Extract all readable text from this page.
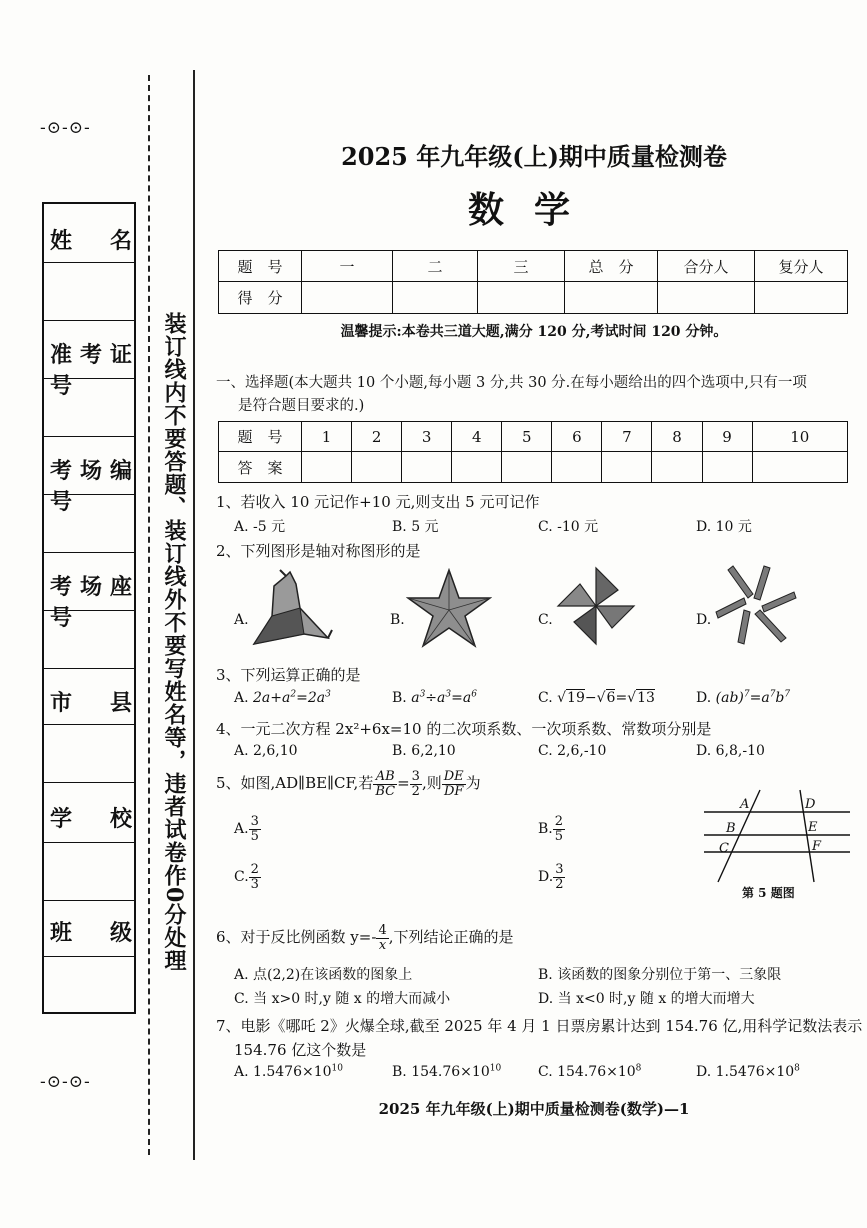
-⊙-⊙-
-⊙-⊙-
姓　名
准考证号
考场编号
考场座号
市　县
学　校
班　级 装订线内不要答题、装订线外不要写姓名等，违者试卷作0分处理
2025 年九年级(上)期中质量检测卷
数学
题　号	一	二	三	总　分	合分人	复分人
得　分						
温馨提示:本卷共三道大题,满分 120 分,考试时间 120 分钟。
一、选择题(本大题共 10 个小题,每小题 3 分,共 30 分.在每小题给出的四个选项中,只有一项
是符合题目要求的.)
题　号	1	2	3	4	5	6	7	8	9	10
答　案										
1、若收入 10 元记作+10 元,则支出 5 元可记作
A. -5 元	B. 5 元	C. -10 元	D. 10 元
2、下列图形是轴对称图形的是
A.	B.	C.	D.
3、下列运算正确的是
A. $2a+a^2=2a^3$	B. $a^3\div a^3=a^6$	C. √19−√6=√13	D. $(ab)^7=a^7b^7$
4、一元二次方程 2x²+6x=10 的二次项系数、一次项系数、常数项分别是
A. 2,6,10	B. 6,2,10	C. 2,6,-10	D. 6,8,-10
5、如图,AD∥BE∥CF,若 $\frac{AB}{BC} = \frac{3}{2}$ ,则 $\frac{DE}{DF}$ 为
A. $\frac{3}{5}$	B. $\frac{2}{5}$
C. $\frac{2}{3}$	D. $\frac{3}{2}$
A
B
C
D
E
F
第 5 题图
6、对于反比例函数 $y=- \frac{4}{x}$ ,下列结论正确的是
A. 点(2,2)在该函数的图象上	B. 该函数的图象分别位于第一、三象限
C. 当 x>0 时,y 随 x 的增大而减小	D. 当 x<0 时,y 随 x 的增大而增大
7、电影《哪吒 2》火爆全球,截至 2025 年 4 月 1 日票房累计达到 154.76 亿,用科学记数法表示
154.76 亿这个数是
A. $1.5476\times 10^{10}$	B. $154.76\times 10^{10}$	C. $154.76\times 10^8$	D. $1.5476\times 10^8$
2025 年九年级(上)期中质量检测卷(数学)—1
